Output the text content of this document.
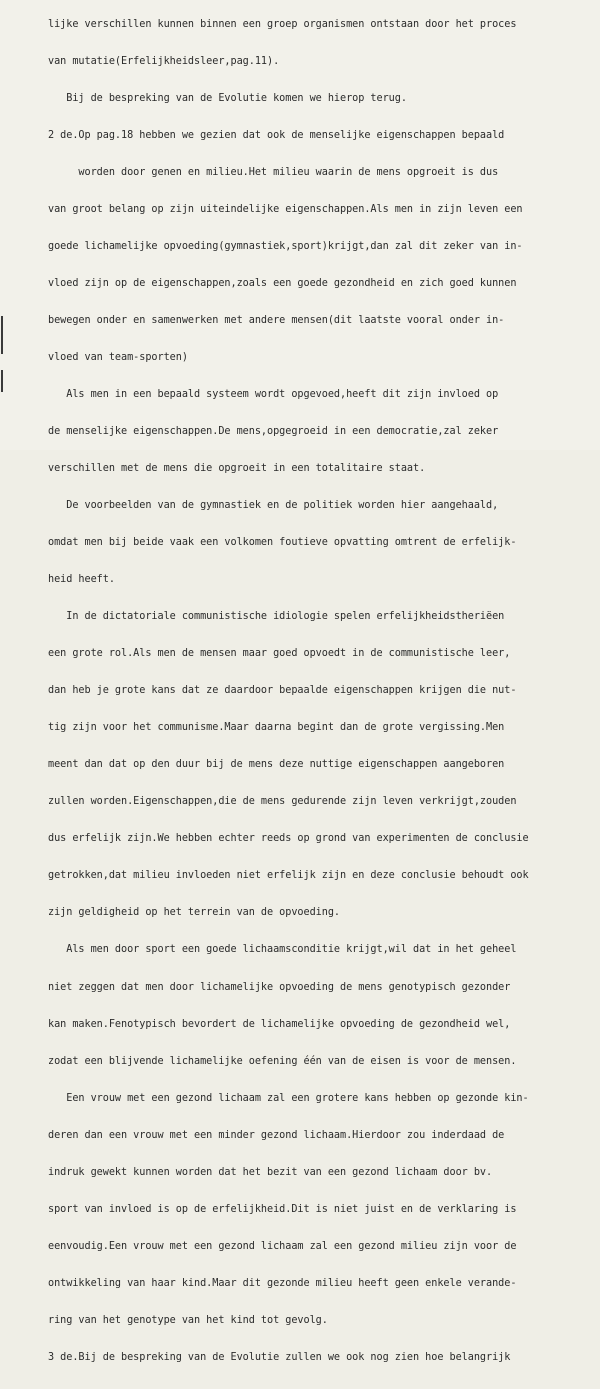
lijke verschillen kunnen binnen een groep organismen ontstaan door het proces

van mutatie(Erfelijkheidsleer,pag.11).

Bij de bespreking van de Evolutie komen we hierop terug.

2 de.Op pag.18 hebben we gezien dat ook de menselijke eigenschappen bepaald

worden door genen en milieu.Het milieu waarin de mens opgroeit is dus

van groot belang op zijn uiteindelijke eigenschappen.Als men in zijn leven een

goede lichamelijke opvoeding(gymnastiek,sport)krijgt,dan zal dit zeker van in-

vloed zijn op de eigenschappen,zoals een goede gezondheid en zich goed kunnen

bewegen onder en samenwerken met andere mensen(dit laatste vooral onder in-

vloed van team-sporten)

Als men in een bepaald systeem wordt opgevoed,heeft dit zijn invloed op

de menselijke eigenschappen.De mens,opgegroeid in een democratie,zal zeker

verschillen met de mens die opgroeit in een totalitaire staat.

De voorbeelden van de gymnastiek en de politiek worden hier aangehaald,

omdat men bij beide vaak een volkomen foutieve opvatting omtrent de erfelijk-

heid heeft.

In de dictatoriale communistische idiologie spelen erfelijkheidstheriëen

een grote rol.Als men de mensen maar goed opvoedt in de communistische leer,

dan heb je grote kans dat ze daardoor bepaalde eigenschappen krijgen die nut-

tig zijn voor het communisme.Maar daarna begint dan de grote vergissing.Men

meent dan dat op den duur bij de mens deze nuttige eigenschappen aangeboren

zullen worden.Eigenschappen,die de mens gedurende zijn leven verkrijgt,zouden

dus erfelijk zijn.We hebben echter reeds op grond van experimenten de conclusie

getrokken,dat milieu invloeden niet erfelijk zijn en deze conclusie behoudt ook

zijn geldigheid op het terrein van de opvoeding.

Als men door sport een goede lichaamsconditie krijgt,wil dat in het geheel

niet zeggen dat men door lichamelijke opvoeding de mens genotypisch gezonder

kan maken.Fenotypisch bevordert de lichamelijke opvoeding de gezondheid wel,

zodat een blijvende lichamelijke oefening één van de eisen is voor de mensen.

Een vrouw met een gezond lichaam zal een grotere kans hebben op gezonde kin-

deren dan een vrouw met een minder gezond lichaam.Hierdoor zou inderdaad de

indruk gewekt kunnen worden dat het bezit van een gezond lichaam door bv.

sport van invloed is op de erfelijkheid.Dit is niet juist en de verklaring is

eenvoudig.Een vrouw met een gezond lichaam zal een gezond milieu zijn voor de

ontwikkeling van haar kind.Maar dit gezonde milieu heeft geen enkele verande-

ring van het genotype van het kind tot gevolg.

3 de.Bij de bespreking van de Evolutie zullen we ook nog zien hoe belangrijk
